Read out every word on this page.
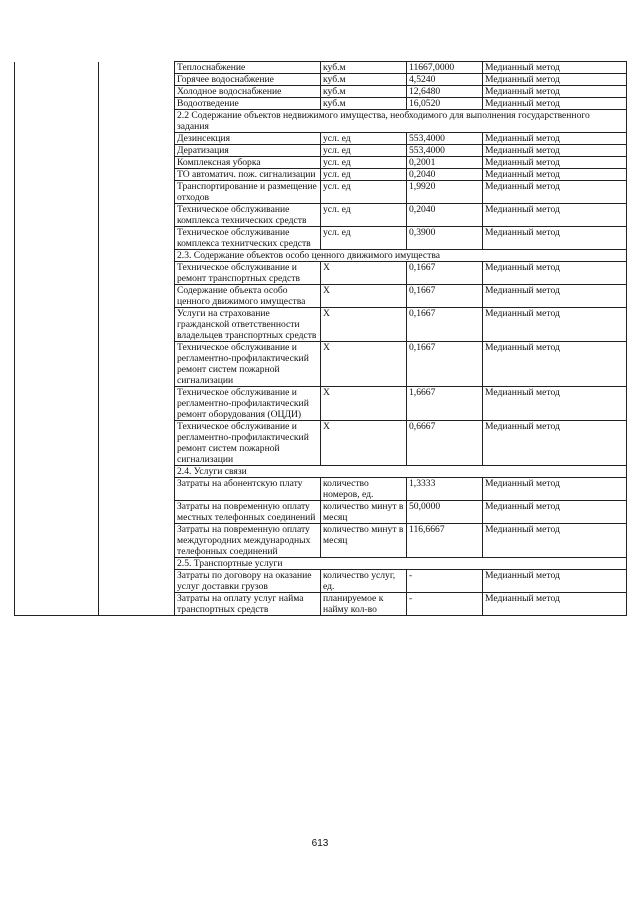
		Теплоснабжение	куб.м	11667,0000	Медианный метод
		Горячее водоснабжение	куб.м	4,5240	Медианный метод
		Холодное водоснабжение	куб.м	12,6480	Медианный метод
		Водоотведение	куб.м	16,0520	Медианный метод
		2.2 Содержание объектов недвижимого имущества, необходимого для выполнения государственного задания			
		Дезинсекция	усл. ед	553,4000	Медианный метод
		Дератизация	усл. ед	553,4000	Медианный метод
		Комплексная уборка	усл. ед	0,2001	Медианный метод
		ТО автоматич. пож. сигнализации	усл. ед	0,2040	Медианный метод
		Транспортирование и размещение отходов	усл. ед	1,9920	Медианный метод
		Техническое обслуживание комплекса технических средств	усл. ед	0,2040	Медианный метод
		Техническое обслуживание комплекса технитческих средств	усл. ед	0,3900	Медианный метод
		2.3. Содержание объектов особо ценного движимого имущества			
		Техническое обслуживание и ремонт транспортных средств	Х	0,1667	Медианный метод
		Содержание объекта особо ценного движимого имущества	Х	0,1667	Медианный метод
		Услуги на страхование гражданской ответственности владельцев транспортных средств	Х	0,1667	Медианный метод
		Техническое обслуживание и регламентно-профилактический ремонт систем пожарной сигнализации	Х	0,1667	Медианный метод
		Техническое обслуживание и регламентно-профилактический ремонт оборудования (ОЦДИ)	Х	1,6667	Медианный метод
		Техническое обслуживание и регламентно-профилактический ремонт систем пожарной сигнализации	Х	0,6667	Медианный метод
		2.4. Услуги связи			
		Затраты на абонентскую плату	количество номеров, ед.	1,3333	Медианный метод
		Затраты на повременную оплату местных телефонных соединений	количество минут в месяц	50,0000	Медианный метод
		Затраты на повременную оплату междугородних международных телефонных соединений	количество минут в месяц	116,6667	Медианный метод
		2.5. Транспортные услуги			
		Затраты по договору на оказание услуг доставки грузов	количество услуг, ед.	-	Медианный метод
		Затраты на оплату услуг найма транспортных средств	планируемое к найму кол-во	-	Медианный метод
613
